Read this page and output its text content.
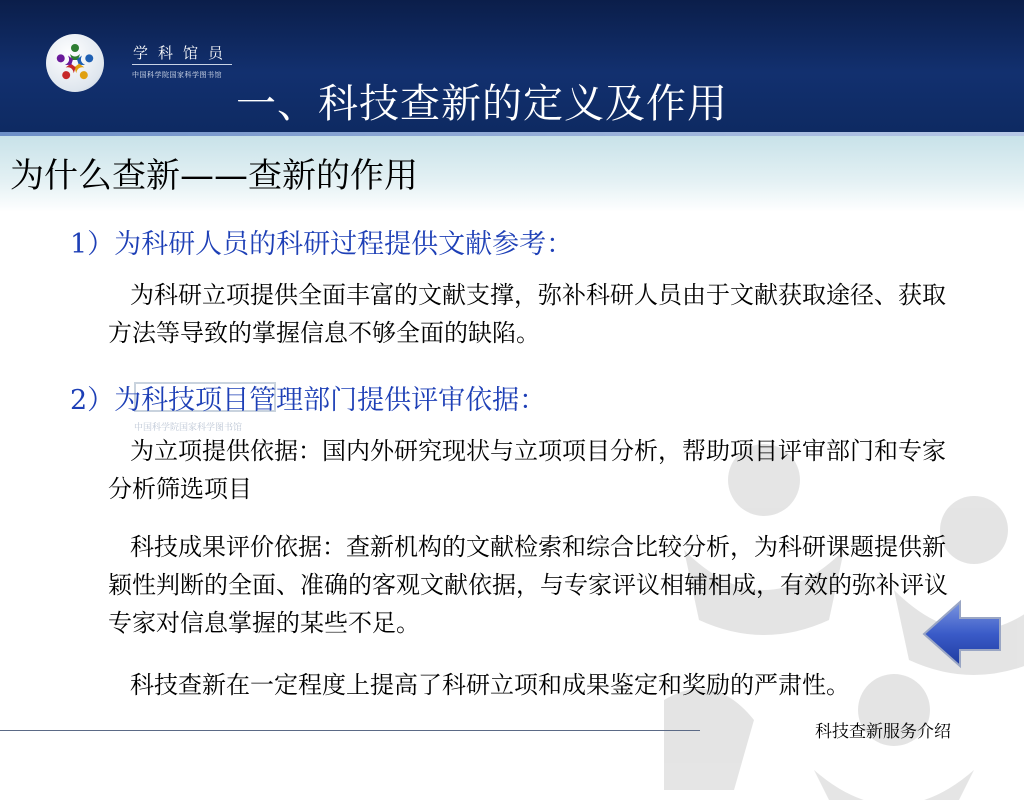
学科馆员
中国科学院国家科学图书馆
一、科技查新的定义及作用
为什么查新——查新的作用
1）为科研人员的科研过程提供文献参考：
为科研立项提供全面丰富的文献支撑，弥补科研人员由于文献获取途径、获取方法等导致的掌握信息不够全面的缺陷。
中国科学院国家科学图书馆
2）为科技项目管理部门提供评审依据：
为立项提供依据：国内外研究现状与立项项目分析，帮助项目评审部门和专家分析筛选项目
科技成果评价依据：查新机构的文献检索和综合比较分析，为科研课题提供新颖性判断的全面、准确的客观文献依据，与专家评议相辅相成，有效的弥补评议专家对信息掌握的某些不足。
科技查新在一定程度上提高了科研立项和成果鉴定和奖励的严肃性。
科技查新服务介绍
